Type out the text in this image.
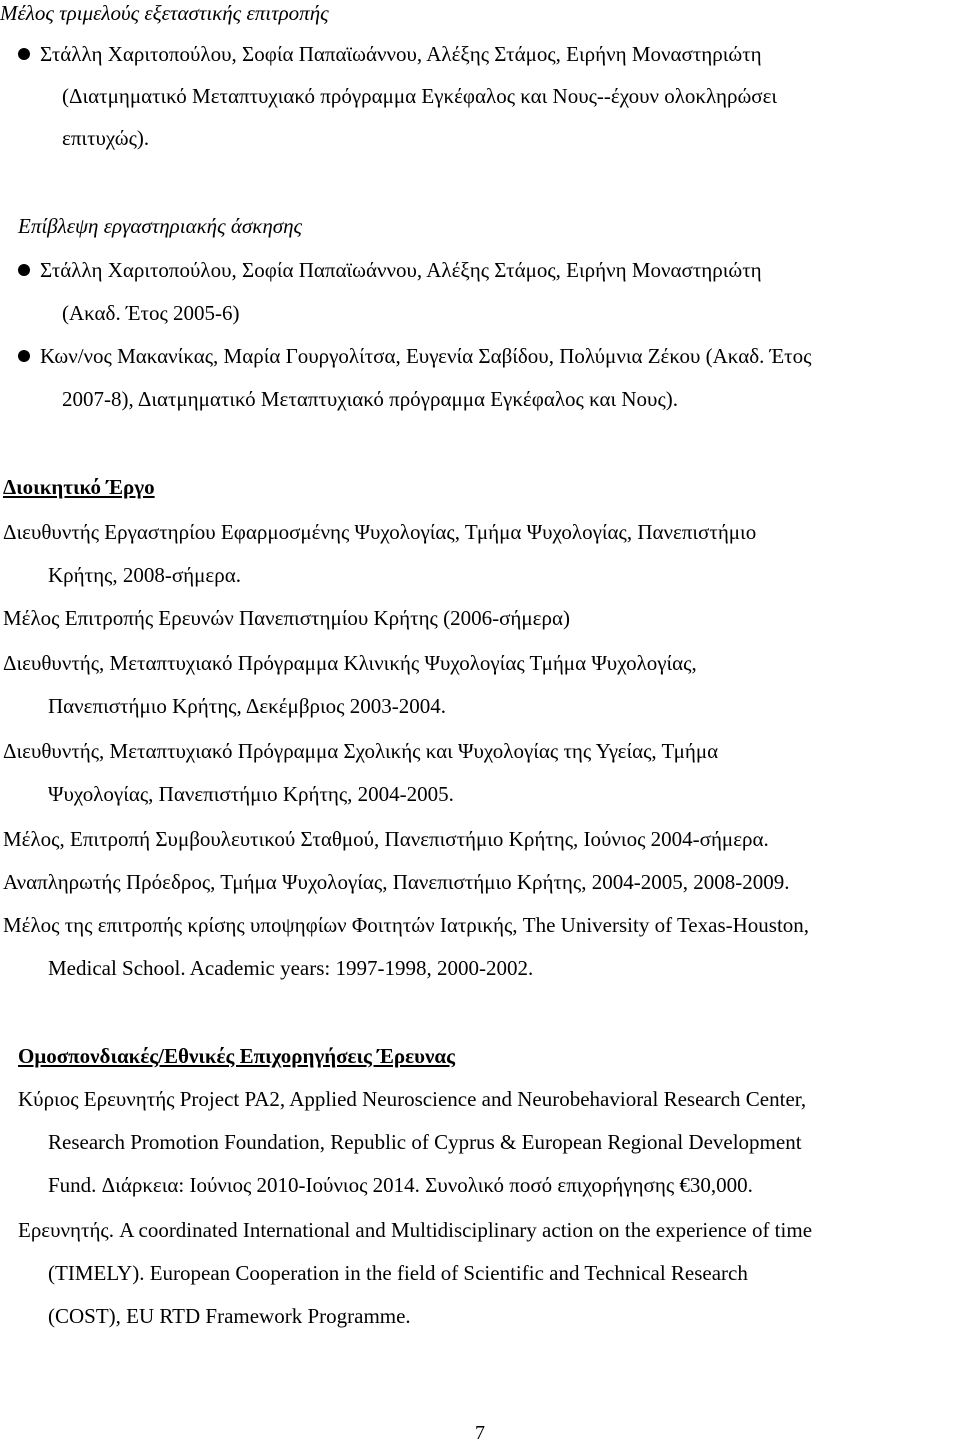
Μέλος τριμελούς εξεταστικής επιτροπής
Στάλλη Χαριτοπούλου, Σοφία Παπαϊωάννου, Αλέξης Στάμος, Ειρήνη Μοναστηριώτη
(Διατμηματικό Μεταπτυχιακό πρόγραμμα Εγκέφαλος και Νους--έχουν ολοκληρώσει
επιτυχώς).
Επίβλεψη εργαστηριακής άσκησης
Στάλλη Χαριτοπούλου, Σοφία Παπαϊωάννου, Αλέξης Στάμος, Ειρήνη Μοναστηριώτη
(Ακαδ. Έτος 2005-6)
Κων/νος Μακανίκας, Μαρία Γουργολίτσα, Ευγενία Σαβίδου, Πολύμνια Ζέκου (Ακαδ. Έτος
2007-8), Διατμηματικό Μεταπτυχιακό πρόγραμμα Εγκέφαλος και Νους).
Διοικητικό Έργο
Διευθυντής Εργαστηρίου Εφαρμοσμένης Ψυχολογίας, Τμήμα Ψυχολογίας, Πανεπιστήμιο
Κρήτης, 2008-σήμερα.
Μέλος Επιτροπής Ερευνών Πανεπιστημίου Κρήτης (2006-σήμερα)
Διευθυντής, Μεταπτυχιακό Πρόγραμμα Κλινικής Ψυχολογίας Τμήμα Ψυχολογίας,
Πανεπιστήμιο Κρήτης, Δεκέμβριος 2003-2004.
Διευθυντής, Μεταπτυχιακό Πρόγραμμα Σχολικής και Ψυχολογίας της Υγείας, Τμήμα
Ψυχολογίας, Πανεπιστήμιο Κρήτης, 2004-2005.
Μέλος, Επιτροπή Συμβουλευτικού Σταθμού, Πανεπιστήμιο Κρήτης, Ιούνιος 2004-σήμερα.
Αναπληρωτής Πρόεδρος, Τμήμα Ψυχολογίας, Πανεπιστήμιο Κρήτης, 2004-2005, 2008-2009.
Μέλος της επιτροπής κρίσης υποψηφίων Φοιτητών Ιατρικής, The University of Texas-Houston,
Medical School. Academic years: 1997-1998, 2000-2002.
Ομοσπονδιακές/Εθνικές Επιχορηγήσεις Έρευνας
Κύριος Ερευνητής Project PA2, Applied Neuroscience and Neurobehavioral Research Center,
Research Promotion Foundation, Republic of Cyprus & European Regional Development
Fund. Διάρκεια: Ιούνιος 2010-Ιούνιος 2014. Συνολικό ποσό επιχορήγησης €30,000.
Ερευνητής. A coordinated International and Multidisciplinary action on the experience of time
(TIMELY). European Cooperation in the field of Scientific and Technical Research
(COST), EU RTD Framework Programme.
7
